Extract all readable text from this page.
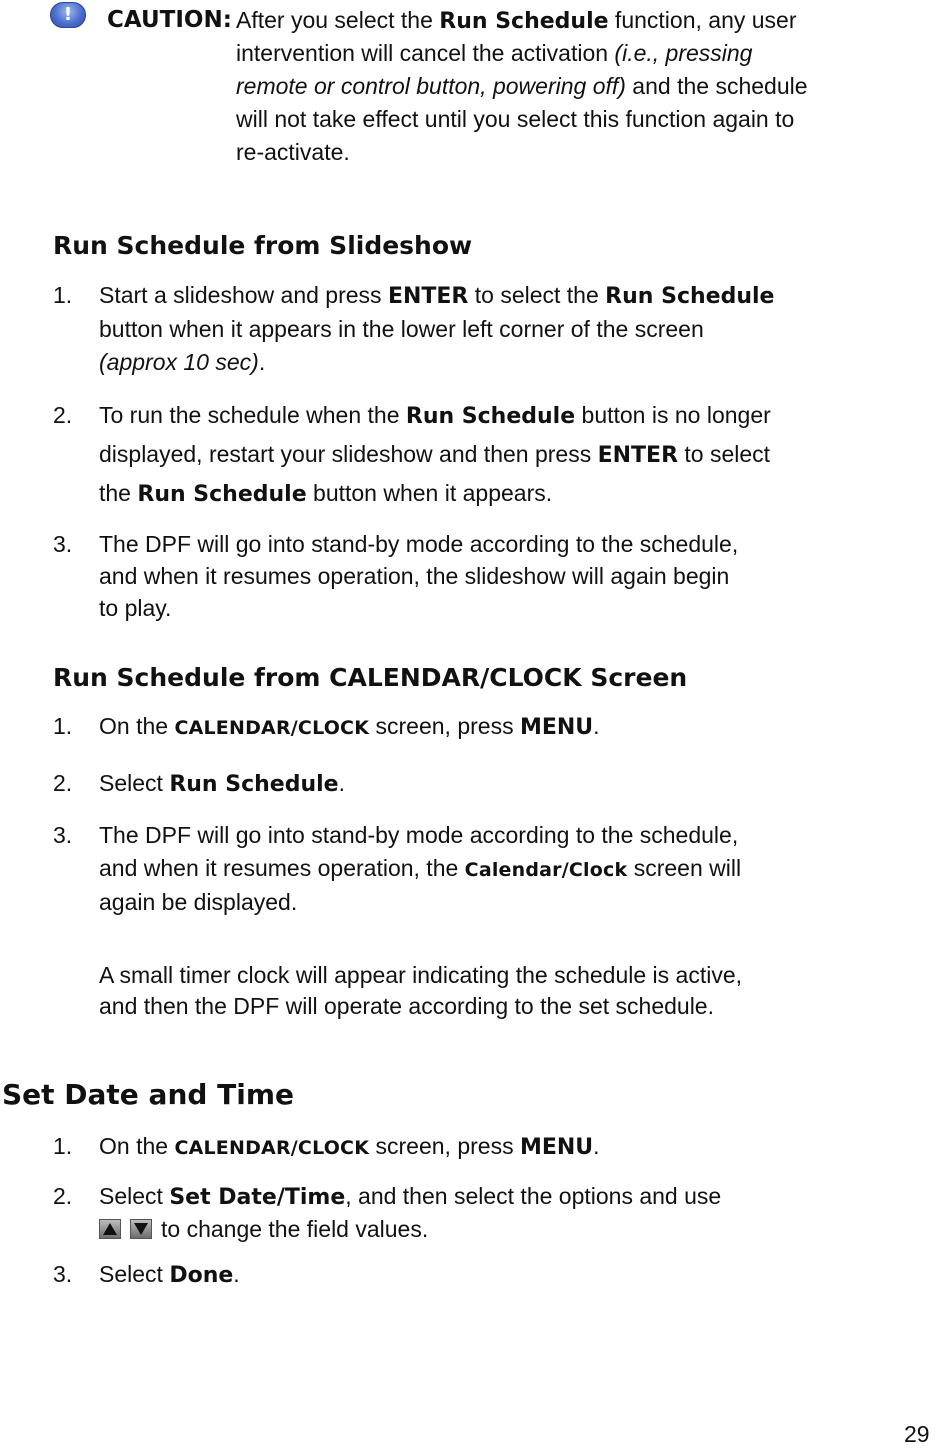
!	CAUTION: After you select the Run Schedule function, any user
intervention will cancel the activation (i.e., pressing
remote or control button, powering off) and the schedule
will not take effect until you select this function again to
re-activate.
Run Schedule from Slideshow
1. Start a slideshow and press ENTER to select the Run Schedule
button when it appears in the lower left corner of the screen
(approx 10 sec).
2. To run the schedule when the Run Schedule button is no longer
displayed, restart your slideshow and then press ENTER to select
the Run Schedule button when it appears.
3. The DPF will go into stand-by mode according to the schedule,
and when it resumes operation, the slideshow will again begin
to play.
Run Schedule from CALENDAR/CLOCK Screen
1. On the CALENDAR/CLOCK screen, press MENU.
2. Select Run Schedule.
3. The DPF will go into stand-by mode according to the schedule,
and when it resumes operation, the Calendar/Clock screen will
again be displayed.
A small timer clock will appear indicating the schedule is active,
and then the DPF will operate according to the set schedule.
Set Date and Time
1. On the CALENDAR/CLOCK screen, press MENU.
2. Select Set Date/Time, and then select the options and use
to change the field values.
3. Select Done.
29
